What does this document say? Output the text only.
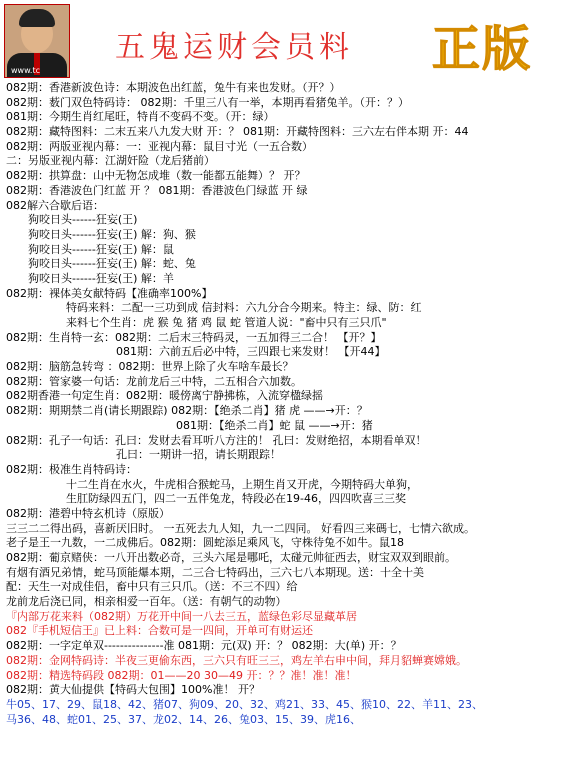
www.tc
五鬼运财会员料 正版
082期：香港新波色诗：本期波色出红蓝，兔牛有来也发财。（开？）
082期：薮门双色特码诗： 082期：千里三八有一举，本期再看猪兔羊。（开：？）
081期：今期生肖红尾旺，特肖不变码不变。（开：绿）
082期：藏特图料：二末五来八九发大财 开：？ 081期：开藏特图料：三六左右伴本期 开：44
082期：两版亚视内幕：一：亚视内幕：鼠目寸光（一五合数）
二：另版亚视内幕：江湖奸险（龙后猪前）
082期：拱算盘：山中无物怎成堆（数一能都五能舞）？ 开？
082期：香港波色门红蓝 开 ？ 081期：香港波色门绿蓝 开 绿
082解六合歇后语：
狗咬日头------狂妄(王)
狗咬日头------狂妄(王) 解：狗、猴
狗咬日头------狂妄(王) 解：鼠
狗咬日头------狂妄(王) 解：蛇、兔
狗咬日头------狂妄(王) 解：羊
082期：裸体美女献特码【准确率100%】
特码来料：二配一三功到成 信封料：六九分合今期来。特主：绿、防：红
来料七个生肖：虎 猴 兔 猪 鸡 鼠 蛇 管道人说："畜中只有三只爪"
082期：生肖特一玄：082期：二后末三特码灵，一五加得三二合！ 【开？】
081期：六前五后必中特，三四跟七来发财！ 【开44】
082期：脑筋急转弯 ：082期：世界上除了火车啥车最长？
082期：管家婆一句话：龙前龙后三中特，二五相合六加数。
082期香港一句定生肖：082期：暖傍离宁静拂栋，入流穿楹绿摇
082期：期期禁二肖(请长期跟踪) 082期：【绝杀二肖】猪 虎 ——→开：？
081期：【绝杀二肖】蛇 鼠 ——→开：猪
082期：孔子一句话：孔曰：发财去看耳听八方注的！ 孔曰：发财绝招，本期看单双！
孔曰：一期讲一招，请长期跟踪！
082期：极准生肖特码诗：
十二生肖在水火，牛虎相合猴蛇马，上期生肖又开虎，今期特码大单狗，
生肛防绿四五门，四二一五伴兔龙，特段必在19-46，四四吹喜三三奖
082期：港碧中特玄机诗（原版）
三三二二得出码，喜新厌旧时。 一五死去九人知，九一二四同。 好看四三来碼七，七情六欲成。
老子是王一九数，一二成佛后。082期：圆蛇添足乘风飞，守株待兔不如牛。鼠18
082期：葡京赌侠：一八开出数必奇，三头六尾是哪吒，太碰元帅征西去，财宝双双到眼前。
有烟有酒兄弟情，蛇马顶能爆本期，二三合七特码出，三六七八本期现。送：十全十美
配：天生一对成佳侣，畜中只有三只爪。（送：不三不四）给
龙前龙后浇已同，相亲相爱一百年。（送：有朝气的动物）
『内部万花来料（082期）万花开中间一八去三五，蓝绿色彩尽显藏革居
082『手机短信王』已上料：合数可是一四间，开单可有财运还
082期：一字定单双---------------准 081期：元(双) 开：？ 082期：大(单) 开：？
082期：金网特码诗：半夜三更偷东西，三六只有旺三三，鸡左羊右申中间，拜月貂蝉赛嫦娥。
082期：精选特码段 082期：01——20 30—49 开：？？准！准！准！
082期：黄大仙提供【特码大包围】100%准！ 开？
牛05、17、29、鼠18、42、猪07、狗09、20、32、鸡21、33、45、猴10、22、羊11、23、
马36、48、蛇01、25、37、龙02、14、26、兔03、15、39、虎16、
